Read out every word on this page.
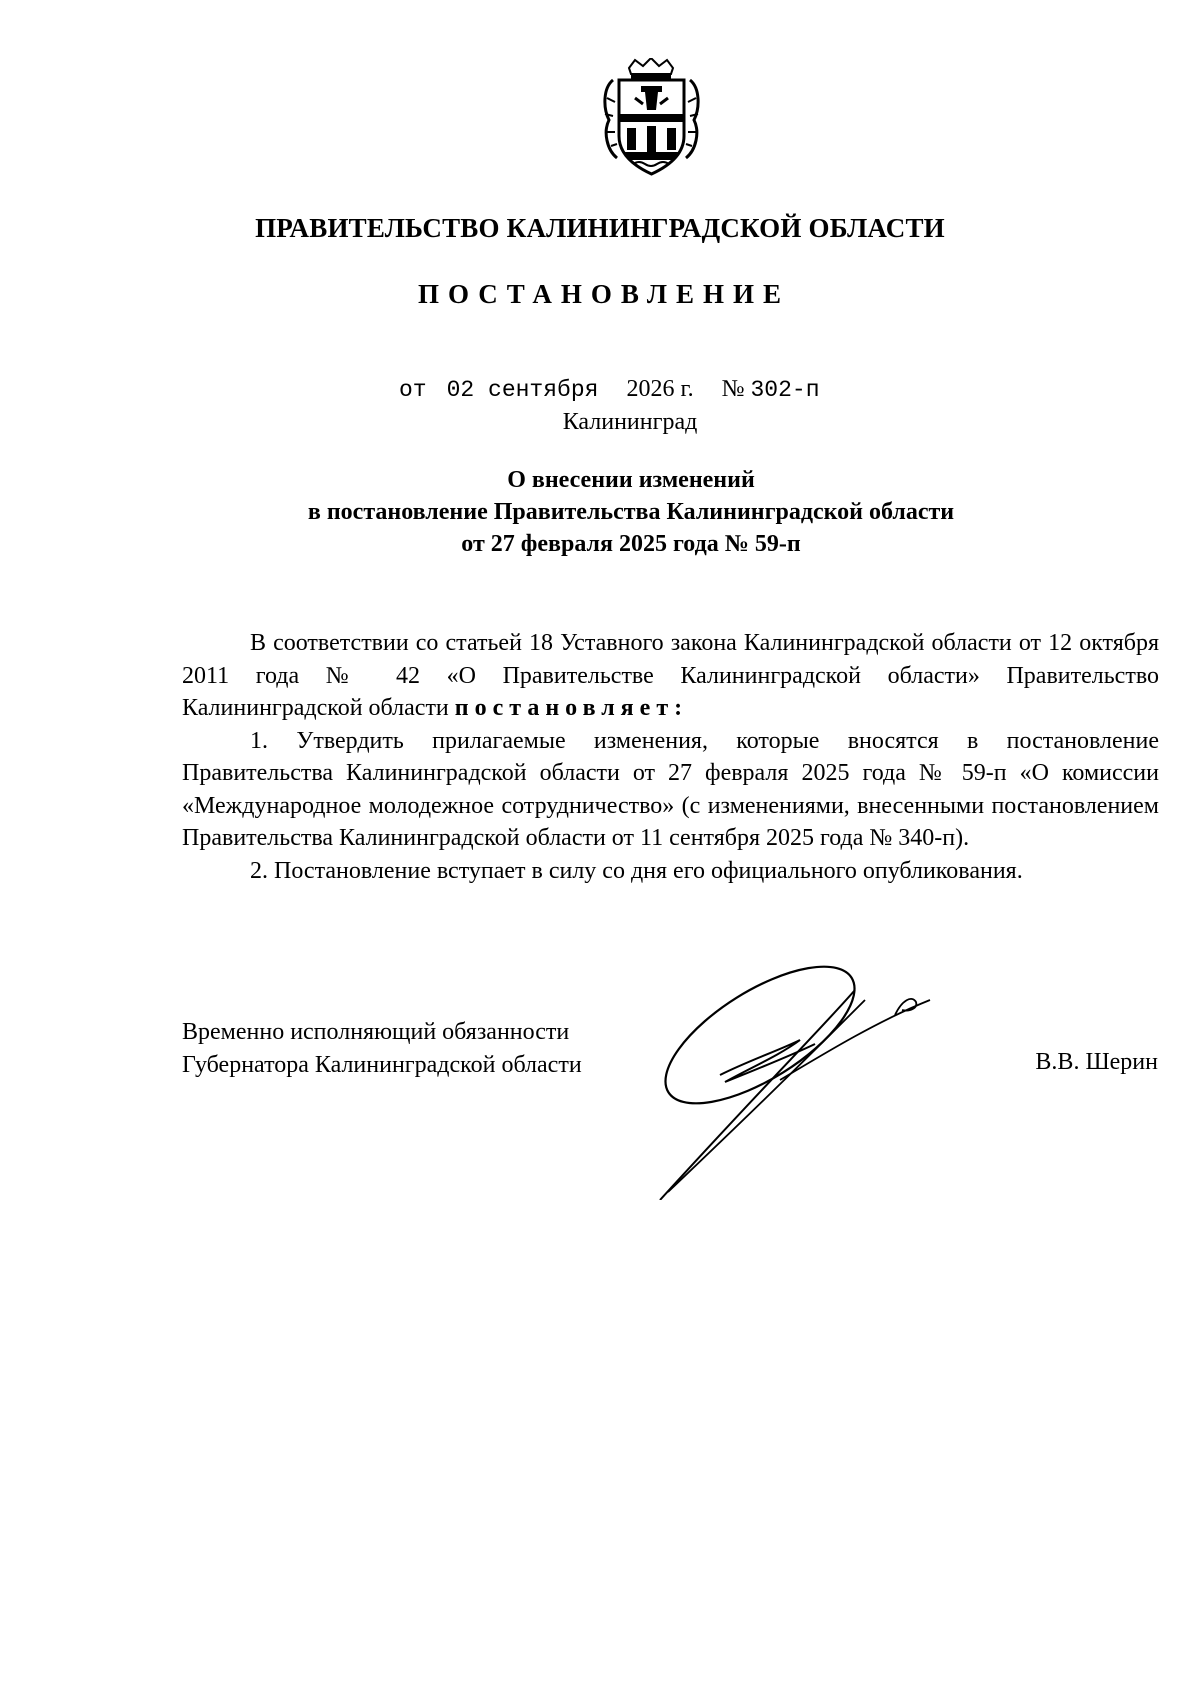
ПРАВИТЕЛЬСТВО КАЛИНИНГРАДСКОЙ ОБЛАСТИ
ПОСТАНОВЛЕНИЕ
от 02 сентября 2026 г. № 302-п
Калининград
О внесении изменений
в постановление Правительства Калининградской области
от 27 февраля 2025 года № 59-п

В соответствии со статьей 18 Уставного закона Калининградской области от 12 октября 2011 года № 42 «О Правительстве Калининградской области» Правительство Калининградской области постановляет:

1. Утвердить прилагаемые изменения, которые вносятся в постановление Правительства Калининградской области от 27 февраля 2025 года № 59-п «О комиссии «Международное молодежное сотрудничество» (с изменениями, внесенными постановлением Правительства Калининградской области от 11 сентября 2025 года № 340-п).

2. Постановление вступает в силу со дня его официального опубликования.

Временно исполняющий обязанности
Губернатора Калининградской области	В.В. Шерин
